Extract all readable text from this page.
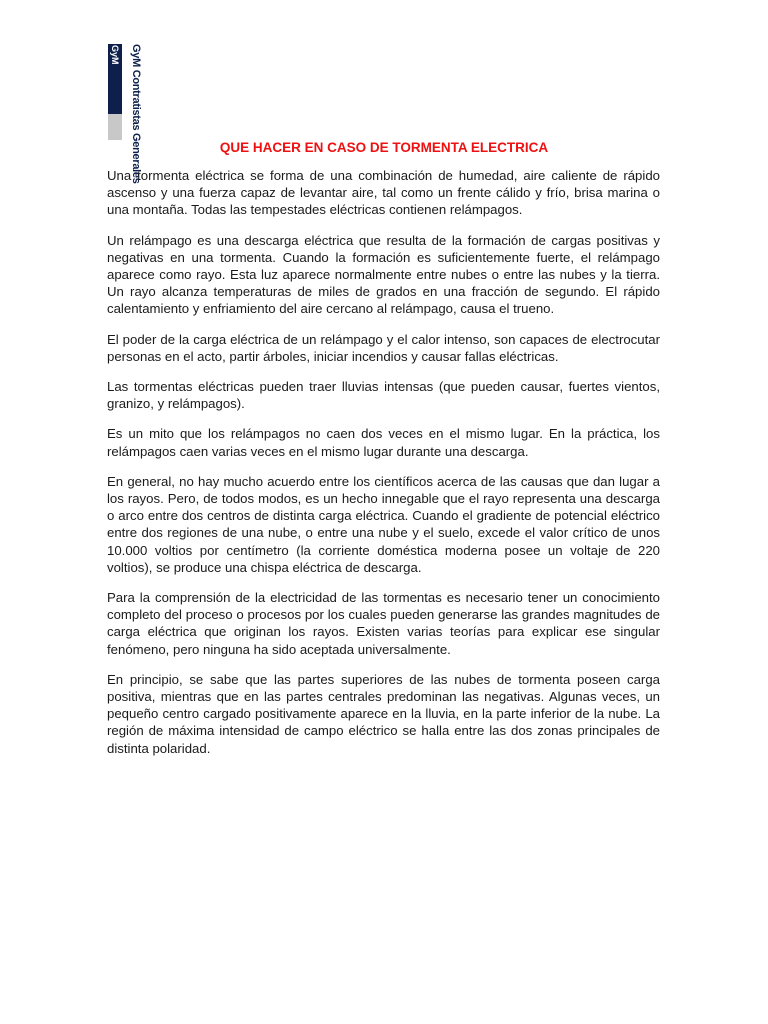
GyM GyM Contratistas Generales	QUE HACER EN CASO DE TORMENTA ELECTRICA

Una tormenta eléctrica se forma de una combinación de humedad, aire caliente de rápido ascenso y una fuerza capaz de levantar aire, tal como un frente cálido y frío, brisa marina o una montaña. Todas las tempestades eléctricas contienen relámpagos.

Un relámpago es una descarga eléctrica que resulta de la formación de cargas positivas y negativas en una tormenta. Cuando la formación es suficientemente fuerte, el relámpago aparece como rayo. Esta luz aparece normalmente entre nubes o entre las nubes y la tierra. Un rayo alcanza temperaturas de miles de grados en una fracción de segundo. El rápido calentamiento y enfriamiento del aire cercano al relámpago, causa el trueno.

El poder de la carga eléctrica de un relámpago y el calor intenso, son capaces de electrocutar personas en el acto, partir árboles, iniciar incendios y causar fallas eléctricas.

Las tormentas eléctricas pueden traer lluvias intensas (que pueden causar, fuertes vientos, granizo, y relámpagos).

Es un mito que los relámpagos no caen dos veces en el mismo lugar. En la práctica, los relámpagos caen varias veces en el mismo lugar durante una descarga.

En general, no hay mucho acuerdo entre los científicos acerca de las causas que dan lugar a los rayos. Pero, de todos modos, es un hecho innegable que el rayo representa una descarga o arco entre dos centros de distinta carga eléctrica. Cuando el gradiente de potencial eléctrico entre dos regiones de una nube, o entre una nube y el suelo, excede el valor crítico de unos 10.000 voltios por centímetro (la corriente doméstica moderna posee un voltaje de 220 voltios), se produce una chispa eléctrica de descarga.

Para la comprensión de la electricidad de las tormentas es necesario tener un conocimiento completo del proceso o procesos por los cuales pueden generarse las grandes magnitudes de carga eléctrica que originan los rayos. Existen varias teorías para explicar ese singular fenómeno, pero ninguna ha sido aceptada universalmente.

En principio, se sabe que las partes superiores de las nubes de tormenta poseen carga positiva, mientras que en las partes centrales predominan las negativas. Algunas veces, un pequeño centro cargado positivamente aparece en la lluvia, en la parte inferior de la nube. La región de máxima intensidad de campo eléctrico se halla entre las dos zonas principales de distinta polaridad.
